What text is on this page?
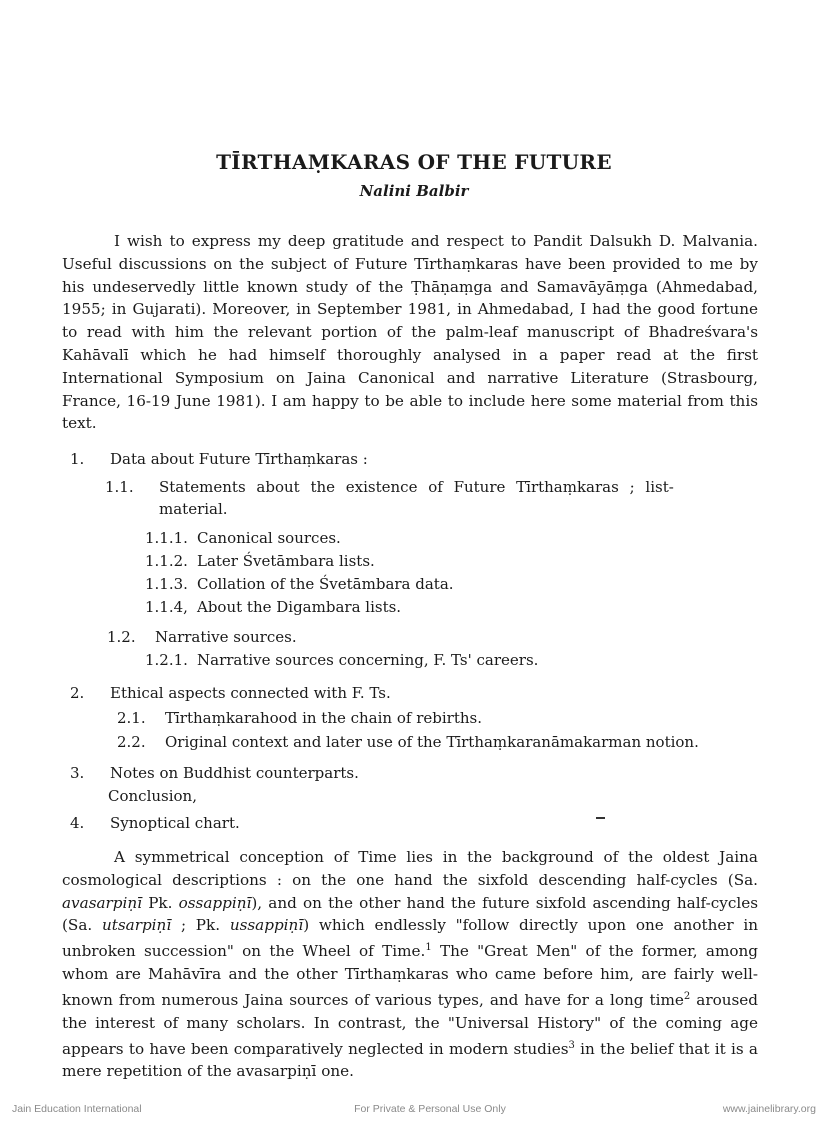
TĪRTHAṂKARAS OF THE FUTURE
Nalini Balbir

I wish to express my deep gratitude and respect to Pandit Dalsukh D. Malvania. Useful discussions on the subject of Future Tīrthaṃkaras have been provided to me by his undeservedly little known study of the Ṭhāṇaṃga and Samavāyāṃga (Ahmedabad, 1955; in Gujarati). Moreover, in September 1981, in Ahmedabad, I had the good fortune to read with him the relevant portion of the palm-leaf manuscript of Bhadreśvara's Kahāvalī which he had himself thoroughly analysed in a paper read at the first International Symposium on Jaina Canonical and narrative Literature (Strasbourg, France, 16-19 June 1981). I am happy to be able to include here some material from this text.

1. Data about Future Tīrthaṃkaras :
1.1. Statements about the existence of Future Tīrthaṃkaras ; list-
material.
1.1.1. Canonical sources.
1.1.2. Later Śvetāmbara lists.
1.1.3. Collation of the Śvetāmbara data.
1.1.4, About the Digambara lists.
1.2. Narrative sources.
1.2.1. Narrative sources concerning, F. Ts' careers.
2. Ethical aspects connected with F. Ts.
2.1. Tīrthaṃkarahood in the chain of rebirths.
2.2. Original context and later use of the Tīrthaṃkaranāmakarman notion.
3. Notes on Buddhist counterparts.
Conclusion,
4. Synoptical chart.

A symmetrical conception of Time lies in the background of the oldest Jaina cosmological descriptions : on the one hand the sixfold descending half-cycles (Sa. avasarpiṇī Pk. ossappiṇī), and on the other hand the future sixfold ascending half-cycles (Sa. utsarpiṇī ; Pk. ussappiṇī) which endlessly "follow directly upon one another in unbroken succession" on the Wheel of Time.$^1$ The "Great Men" of the former, among whom are Mahāvīra and the other Tīrthaṃkaras who came before him, are fairly well-known from numerous Jaina sources of various types, and have for a long time$^2$ aroused the interest of many scholars. In contrast, the "Universal History" of the coming age appears to have been comparatively neglected in modern studies$^3$ in the belief that it is a mere repetition of the avasarpiṇī one.

Jain Education International	For Private & Personal Use Only	www.jainelibrary.org
